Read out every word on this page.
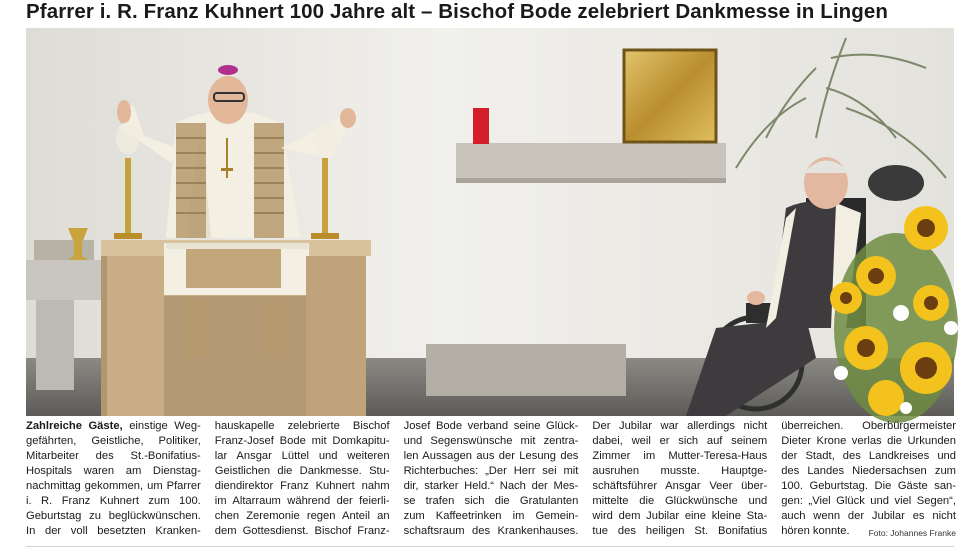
Pfarrer i. R. Franz Kuhnert 100 Jahre alt – Bischof Bode zelebriert Dankmesse in Lingen
Zahlreiche Gäste, einstige Weg-
gefährten, Geistliche, Politiker,
Mitarbeiter des St.-Bonifatius-
Hospitals waren am Dienstag-
nachmittag gekommen, um Pfarrer
i. R. Franz Kuhnert zum 100.
Geburtstag zu beglückwünschen.
In der voll besetzten Kranken-
hauskapelle zelebrierte Bischof
Franz-Josef Bode mit Domkapitu-
lar Ansgar Lüttel und weiteren
Geistlichen die Dankmesse. Stu-
diendirektor Franz Kuhnert nahm
im Altarraum während der feierli-
chen Zeremonie regen Anteil an
dem Gottesdienst. Bischof Franz-
Josef Bode verband seine Glück-
und Segenswünsche mit zentra-
len Aussagen aus der Lesung des
Richterbuches: „Der Herr sei mit
dir, starker Held.“ Nach der Mes-
se trafen sich die Gratulanten
zum Kaffeetrinken im Gemein-
schaftsraum des Krankenhauses.
Der Jubilar war allerdings nicht
dabei, weil er sich auf seinem
Zimmer im Mutter-Teresa-Haus
ausruhen musste. Hauptge-
schäftsführer Ansgar Veer über-
mittelte die Glückwünsche und
wird dem Jubilar eine kleine Sta-
tue des heiligen St. Bonifatius
überreichen. Oberbürgermeister
Dieter Krone verlas die Urkunden
der Stadt, des Landkreises und
des Landes Niedersachsen zum
100. Geburtstag. Die Gäste san-
gen: „Viel Glück und viel Segen“,
auch wenn der Jubilar es nicht
hören konnte. Foto: Johannes Franke
